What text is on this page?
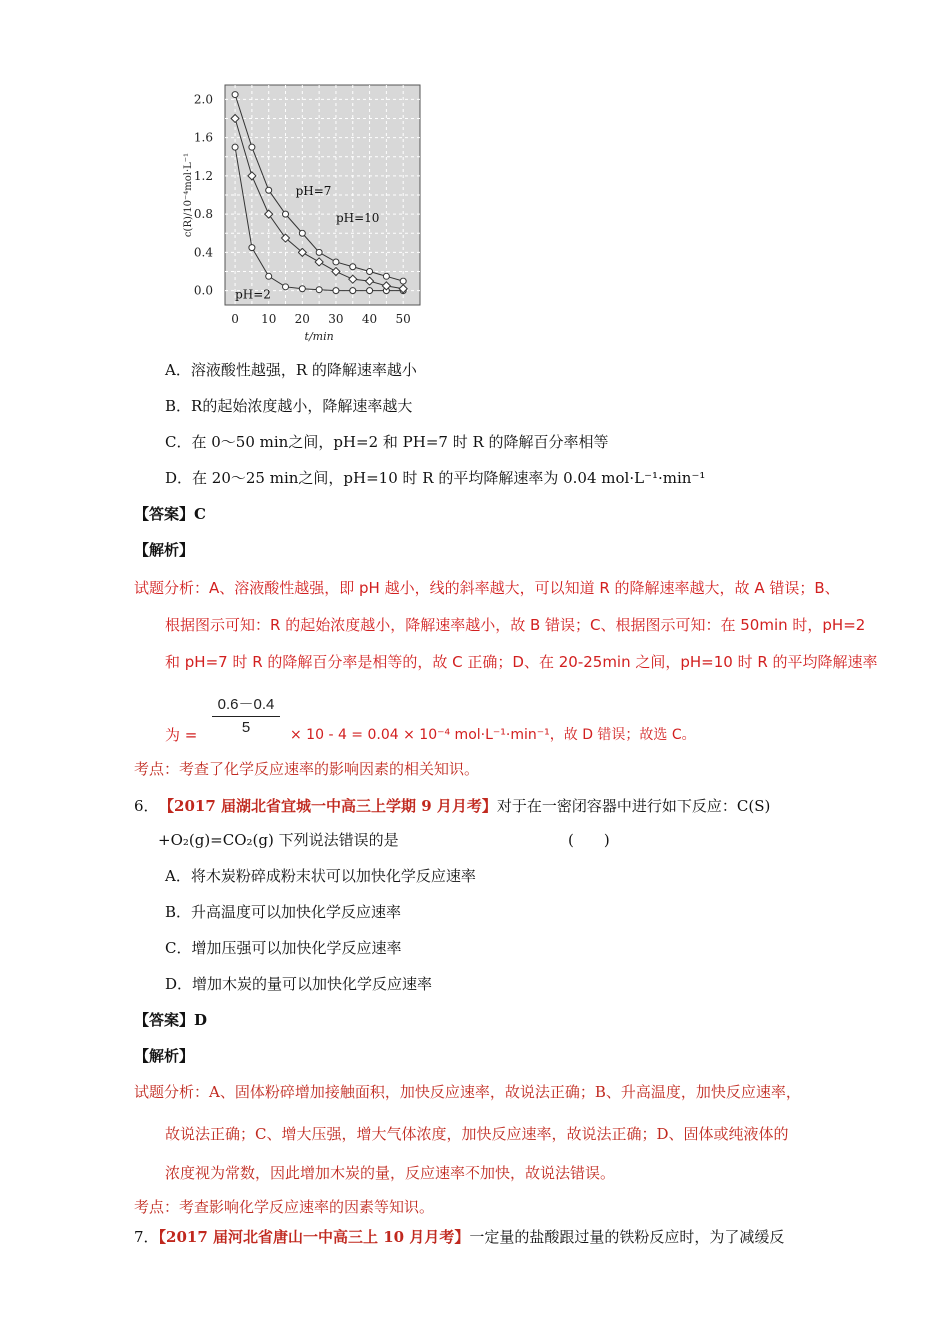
0.0
0.4
0.8
1.2
1.6
2.0
0 10 20 30 40 50
t/min
c(R)/10⁻⁴mol·L⁻¹	pH=7
pH=10
pH=2
A．溶液酸性越强，R 的降解速率越小
B．R的起始浓度越小，降解速率越大
C．在 0～50 min之间，pH=2 和 PH=7 时 R 的降解百分率相等
D．在 20～25 min之间，pH=10 时 R 的平均降解速率为 0.04 mol·L⁻¹·min⁻¹
【答案】C
【解析】
试题分析：A、溶液酸性越强，即 pH 越小，线的斜率越大，可以知道 R 的降解速率越大，故 A 错误；B、
根据图示可知：R 的起始浓度越小，降解速率越小，故 B 错误；C、根据图示可知：在 50min 时，pH=2
和 pH=7 时 R 的降解百分率是相等的，故 C 正确；D、在 20-25min 之间，pH=10 时 R 的平均降解速率
为 = $\frac{0.6-0.4}{5} \times 10 - 4 = 0.04 \times 10^{-4}$ mol·L⁻¹·min⁻¹，故 D 错误；故选 C。
考点：考查了化学反应速率的影响因素的相关知识。
6． 【2017 届湖北省宜城一中高三上学期 9 月月考】对于在一密闭容器中进行如下反应：C(S)
+O₂(g)=CO₂(g) 下列说法错误的是	(　　)
A．将木炭粉碎成粉末状可以加快化学反应速率
B．升高温度可以加快化学反应速率
C．增加压强可以加快化学反应速率
D．增加木炭的量可以加快化学反应速率
【答案】D
【解析】
试题分析：A、固体粉碎增加接触面积，加快反应速率，故说法正确；B、升高温度，加快反应速率，
故说法正确；C、增大压强，增大气体浓度，加快反应速率，故说法正确；D、固体或纯液体的
浓度视为常数，因此增加木炭的量，反应速率不加快，故说法错误。
考点：考查影响化学反应速率的因素等知识。
7．【2017 届河北省唐山一中高三上 10 月月考】一定量的盐酸跟过量的铁粉反应时，为了减缓反
